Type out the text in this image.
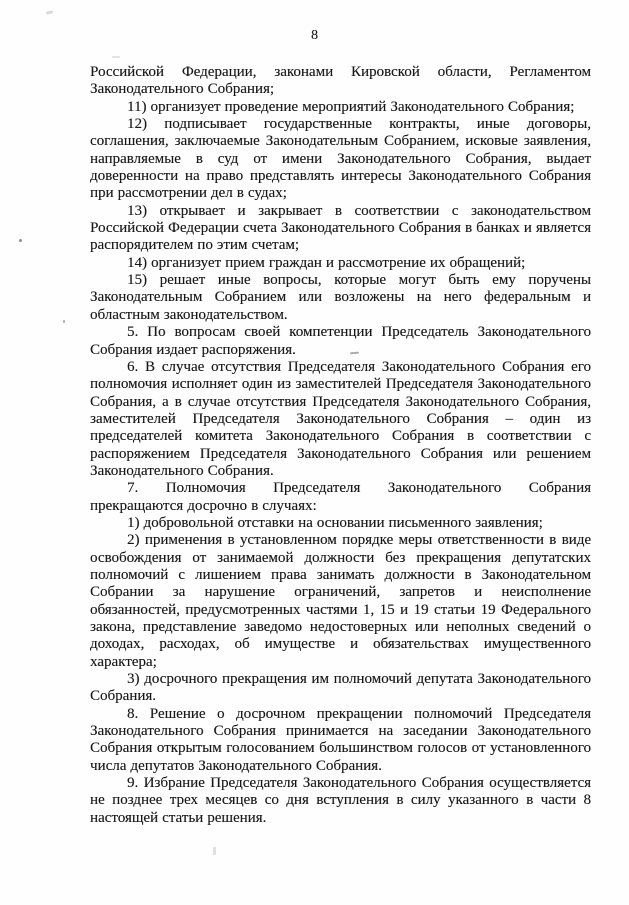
8

Российской Федерации, законами Кировской области, Регламентом Законодательного Собрания;

11) организует проведение мероприятий Законодательного Собрания;

12) подписывает государственные контракты, иные договоры, соглашения, заключаемые Законодательным Собранием, исковые заявления, направляемые в суд от имени Законодательного Собрания, выдает доверенности на право представлять интересы Законодательного Собрания при рассмотрении дел в судах;

13) открывает и закрывает в соответствии с законодательством Российской Федерации счета Законодательного Собрания в банках и является распорядителем по этим счетам;

14) организует прием граждан и рассмотрение их обращений;

15) решает иные вопросы, которые могут быть ему поручены Законодательным Собранием или возложены на него федеральным и областным законодательством.

5. По вопросам своей компетенции Председатель Законодательного Собрания издает распоряжения.

6. В случае отсутствия Председателя Законодательного Собрания его полномочия исполняет один из заместителей Председателя Законодательного Собрания, а в случае отсутствия Председателя Законодательного Собрания, заместителей Председателя Законодательного Собрания – один из председателей комитета Законодательного Собрания в соответствии с распоряжением Председателя Законодательного Собрания или решением Законодательного Собрания.

7. Полномочия Председателя Законодательного Собрания прекращаются досрочно в случаях:

1) добровольной отставки на основании письменного заявления;

2) применения в установленном порядке меры ответственности в виде освобождения от занимаемой должности без прекращения депутатских полномочий с лишением права занимать должности в Законодательном Собрании за нарушение ограничений, запретов и неисполнение обязанностей, предусмотренных частями 1, 15 и 19 статьи 19 Федерального закона, представление заведомо недостоверных или неполных сведений о доходах, расходах, об имуществе и обязательствах имущественного характера;

3) досрочного прекращения им полномочий депутата Законодательного Собрания.

8. Решение о досрочном прекращении полномочий Председателя Законодательного Собрания принимается на заседании Законодательного Собрания открытым голосованием большинством голосов от установленного числа депутатов Законодательного Собрания.

9. Избрание Председателя Законодательного Собрания осуществляется не позднее трех месяцев со дня вступления в силу указанного в части 8 настоящей статьи решения.
